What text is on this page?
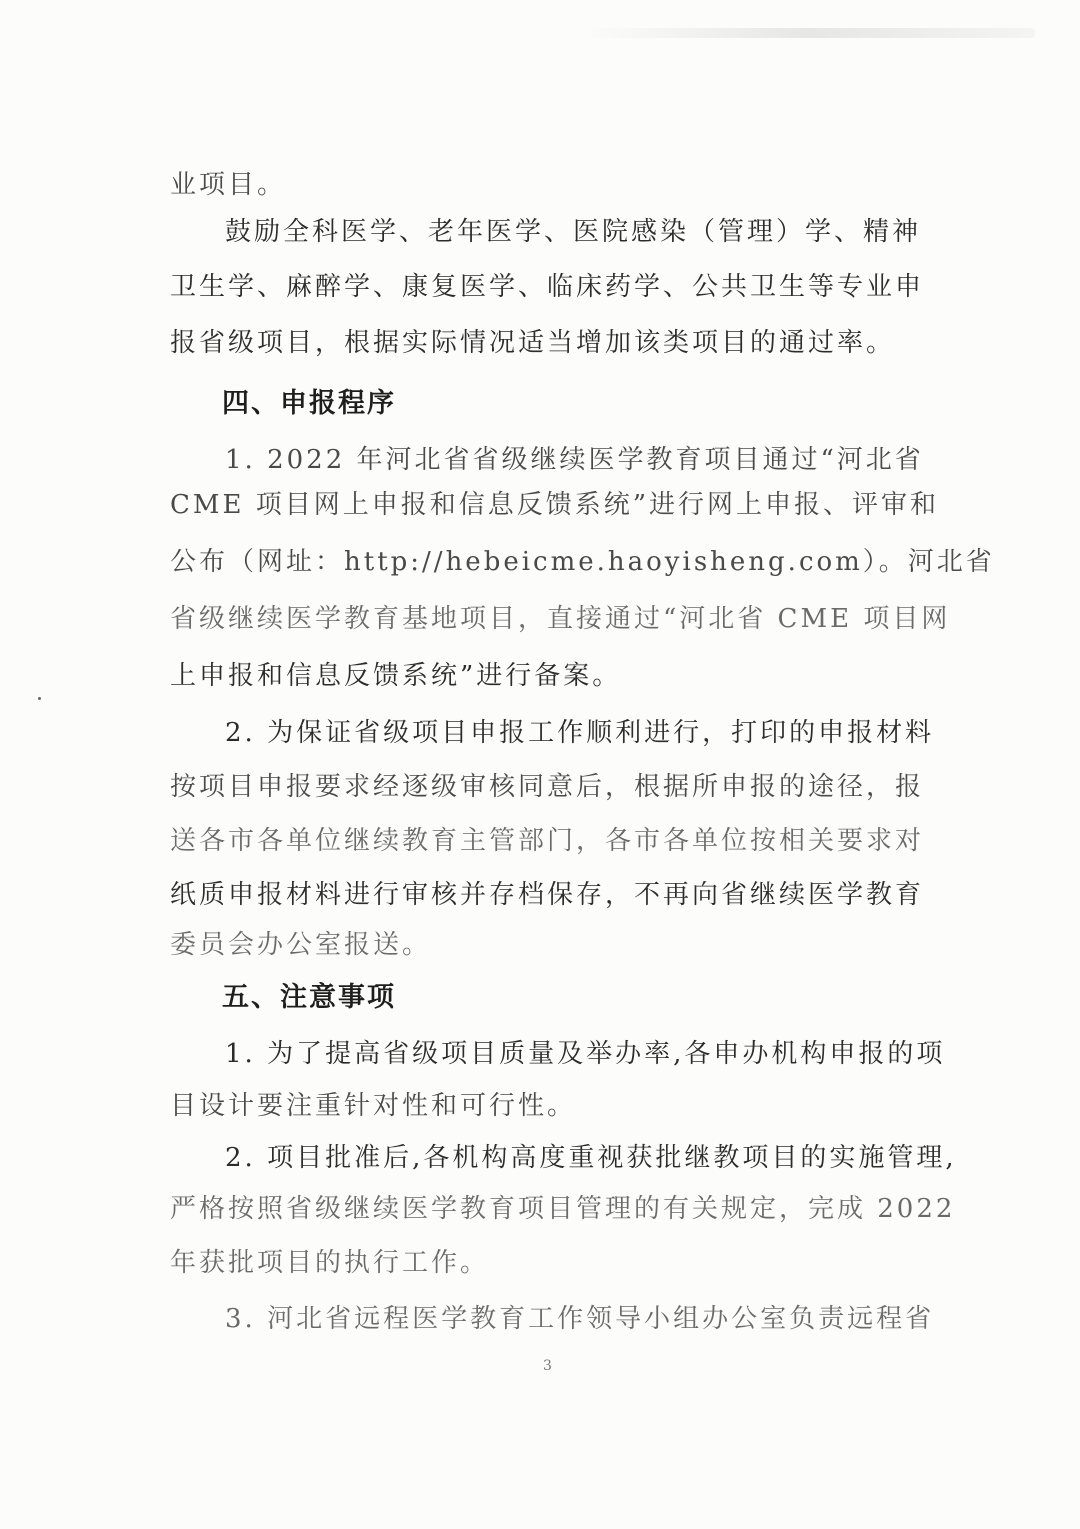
业项目。
鼓励全科医学、老年医学、医院感染（管理）学、精神
卫生学、麻醉学、康复医学、临床药学、公共卫生等专业申
报省级项目，根据实际情况适当增加该类项目的通过率。
四、申报程序
1. 2022 年河北省省级继续医学教育项目通过“河北省
CME 项目网上申报和信息反馈系统”进行网上申报、评审和
公布（网址：http://hebeicme.haoyisheng.com）。河北省
省级继续医学教育基地项目，直接通过“河北省 CME 项目网
上申报和信息反馈系统”进行备案。
2. 为保证省级项目申报工作顺利进行，打印的申报材料
按项目申报要求经逐级审核同意后，根据所申报的途径，报
送各市各单位继续教育主管部门，各市各单位按相关要求对
纸质申报材料进行审核并存档保存，不再向省继续医学教育
委员会办公室报送。
五、注意事项
1. 为了提高省级项目质量及举办率,各申办机构申报的项
目设计要注重针对性和可行性。
2. 项目批准后,各机构高度重视获批继教项目的实施管理,
严格按照省级继续医学教育项目管理的有关规定，完成 2022
年获批项目的执行工作。
3. 河北省远程医学教育工作领导小组办公室负责远程省
3
